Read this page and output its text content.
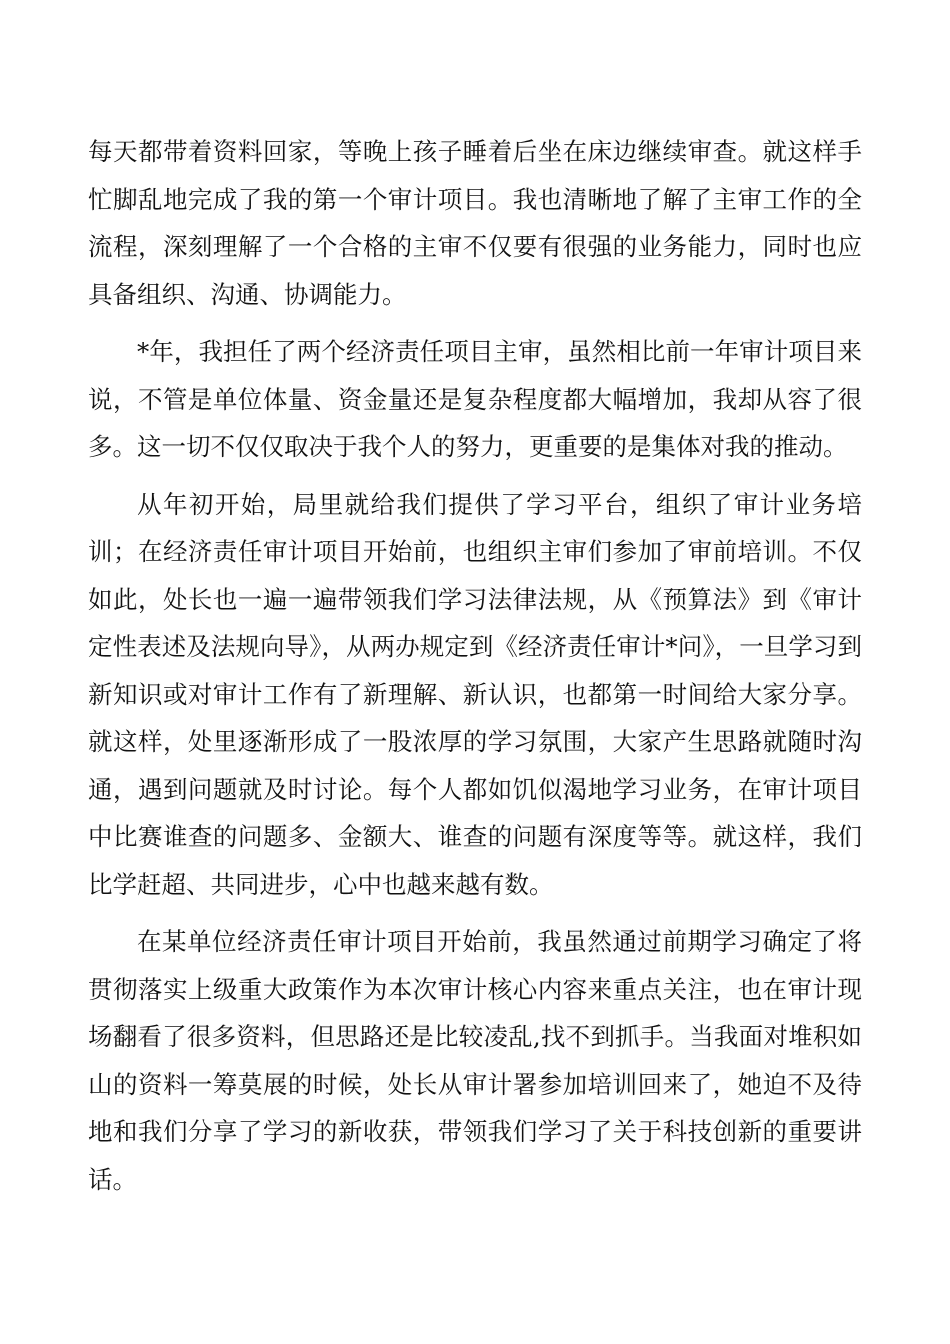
每天都带着资料回家，等晚上孩子睡着后坐在床边继续审查。就这样手忙脚乱地完成了我的第一个审计项目。我也清晰地了解了主审工作的全流程，深刻理解了一个合格的主审不仅要有很强的业务能力，同时也应具备组织、沟通、协调能力。

*年，我担任了两个经济责任项目主审，虽然相比前一年审计项目来说，不管是单位体量、资金量还是复杂程度都大幅增加，我却从容了很多。这一切不仅仅取决于我个人的努力，更重要的是集体对我的推动。

从年初开始，局里就给我们提供了学习平台，组织了审计业务培训；在经济责任审计项目开始前，也组织主审们参加了审前培训。不仅如此，处长也一遍一遍带领我们学习法律法规，从《预算法》到《审计定性表述及法规向导》，从两办规定到《经济责任审计*问》，一旦学习到新知识或对审计工作有了新理解、新认识，也都第一时间给大家分享。就这样，处里逐渐形成了一股浓厚的学习氛围，大家产生思路就随时沟通，遇到问题就及时讨论。每个人都如饥似渴地学习业务，在审计项目中比赛谁查的问题多、金额大、谁查的问题有深度等等。就这样，我们比学赶超、共同进步，心中也越来越有数。

在某单位经济责任审计项目开始前，我虽然通过前期学习确定了将贯彻落实上级重大政策作为本次审计核心内容来重点关注，也在审计现场翻看了很多资料，但思路还是比较凌乱,找不到抓手。当我面对堆积如山的资料一筹莫展的时候，处长从审计署参加培训回来了，她迫不及待地和我们分享了学习的新收获，带领我们学习了关于科技创新的重要讲话。
